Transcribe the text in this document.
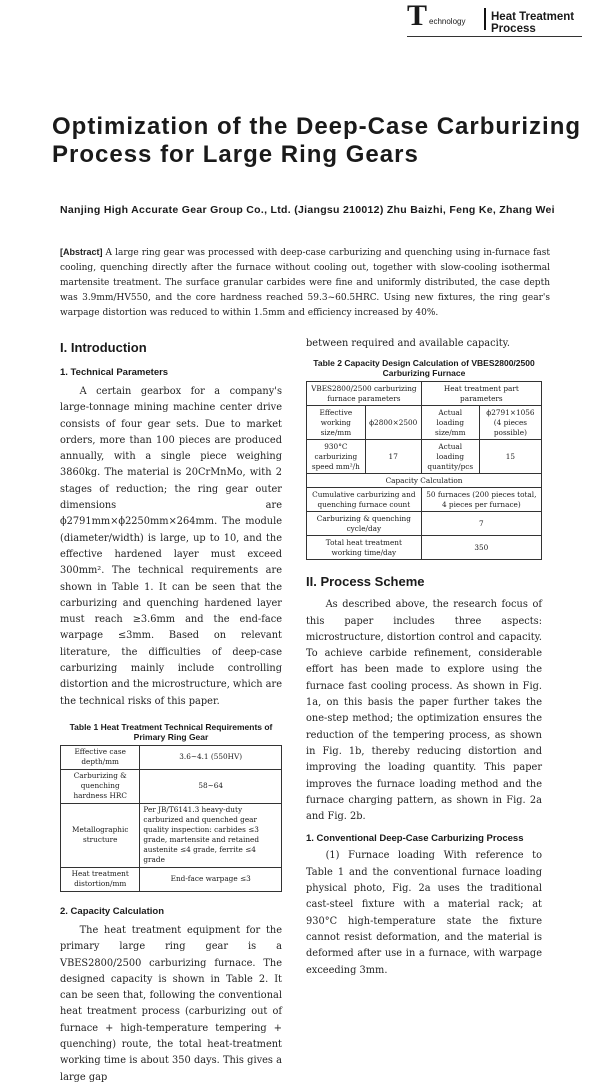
T echnology Heat Treatment Process
Optimization of the Deep-Case Carburizing Process for Large Ring Gears
Nanjing High Accurate Gear Group Co., Ltd. (Jiangsu 210012) Zhu Baizhi, Feng Ke, Zhang Wei
[Abstract] A large ring gear was processed with deep-case carburizing and quenching using in-furnace fast cooling, quenching directly after the furnace without cooling out, together with slow-cooling isothermal martensite treatment. The surface granular carbides were fine and uniformly distributed, the case depth was 3.9mm/HV550, and the core hardness reached 59.3~60.5HRC. Using new fixtures, the ring gear's warpage distortion was reduced to within 1.5mm and efficiency increased by 40%.

I. Introduction

1. Technical Parameters

A certain gearbox for a company's large-tonnage mining machine center drive consists of four gear sets. Due to market orders, more than 100 pieces are produced annually, with a single piece weighing 3860kg. The material is 20CrMnMo, with 2 stages of reduction; the ring gear outer dimensions are ϕ2791mm×ϕ2250mm×264mm. The module (diameter/width) is large, up to 10, and the effective hardened layer must exceed 300mm². The technical requirements are shown in Table 1. It can be seen that the carburizing and quenching hardened layer must reach ≥3.6mm and the end-face warpage ≤3mm. Based on relevant literature, the difficulties of deep-case carburizing mainly include controlling distortion and the microstructure, which are the technical risks of this paper.

Table 1 Heat Treatment Technical Requirements of Primary Ring Gear

Effective case depth/mm	3.6~4.1 (550HV)
Carburizing & quenching hardness HRC	58~64
Metallographic structure	Per JB/T6141.3 heavy-duty carburized and quenched gear quality inspection: carbides ≤3 grade, martensite and retained austenite ≤4 grade, ferrite ≤4 grade
Heat treatment distortion/mm	End-face warpage ≤3

2. Capacity Calculation

The heat treatment equipment for the primary large ring gear is a VBES2800/2500 carburizing furnace. The designed capacity is shown in Table 2. It can be seen that, following the conventional heat treatment process (carburizing out of furnace + high-temperature tempering + quenching) route, the total heat-treatment working time is about 350 days. This gives a large gap

between required and available capacity.

Table 2 Capacity Design Calculation of VBES2800/2500 Carburizing Furnace

VBES2800/2500 carburizing furnace parameters		Heat treatment part parameters	
Effective working size/mm	ϕ2800×2500	Actual loading size/mm	ϕ2791×1056 (4 pieces possible)
930°C carburizing speed mm²/h	17	Actual loading quantity/pcs	15
Capacity Calculation			
Cumulative carburizing and quenching furnace count		50 furnaces (200 pieces total, 4 pieces per furnace)	
Carburizing & quenching cycle/day		7	
Total heat treatment working time/day		350	

II. Process Scheme

As described above, the research focus of this paper includes three aspects: microstructure, distortion control and capacity. To achieve carbide refinement, considerable effort has been made to explore using the furnace fast cooling process. As shown in Fig. 1a, on this basis the paper further takes the one-step method; the optimization ensures the reduction of the tempering process, as shown in Fig. 1b, thereby reducing distortion and improving the loading quantity. This paper improves the furnace loading method and the furnace charging pattern, as shown in Fig. 2a and Fig. 2b.

1. Conventional Deep-Case Carburizing Process

(1) Furnace loading With reference to Table 1 and the conventional furnace loading physical photo, Fig. 2a uses the traditional cast-steel fixture with a material rack; at 930°C high-temperature state the fixture cannot resist deformation, and the material is deformed after use in a furnace, with warpage exceeding 3mm.
